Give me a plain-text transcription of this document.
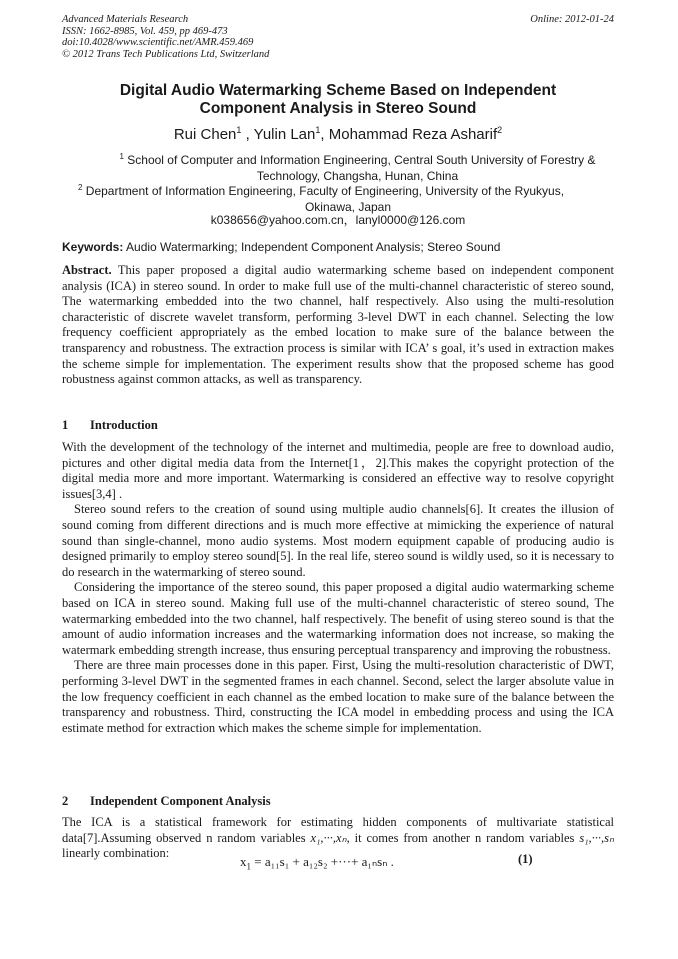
Advanced Materials Research
ISSN: 1662-8985, Vol. 459, pp 469-473
doi:10.4028/www.scientific.net/AMR.459.469
© 2012 Trans Tech Publications Ltd, Switzerland
Online: 2012-01-24
Digital Audio Watermarking Scheme Based on Independent
Component Analysis in Stereo Sound
Rui Chen$^1$ , Yulin Lan$^1$, Mohammad Reza Asharif$^2$
$^1$ School of Computer and Information Engineering, Central South University of Forestry &
Technology, Changsha, Hunan, China
$^2$ Department of Information Engineering, Faculty of Engineering, University of the Ryukyus,
Okinawa, Japan
k038656@yahoo.com.cn，lanyl0000@126.com
Keywords: Audio Watermarking; Independent Component Analysis; Stereo Sound
Abstract. This paper proposed a digital audio watermarking scheme based on independent component analysis (ICA) in stereo sound. In order to make full use of the multi-channel characteristic of stereo sound, The watermarking embedded into the two channel, half respectively. Also using the multi-resolution characteristic of discrete wavelet transform, performing 3-level DWT in each channel. Selecting the low frequency coefficient appropriately as the embed location to make sure of the balance between the transparency and robustness. The extraction process is similar with ICA’ s goal, it’s used in extraction makes the scheme simple for implementation. The experiment results show that the proposed scheme has good robustness against common attacks, as well as transparency.
1 Introduction

With the development of the technology of the internet and multimedia, people are free to download audio, pictures and other digital media data from the Internet[1，2].This makes the copyright protection of the digital media more and more important. Watermarking is considered an effective way to resolve copyright issues[3,4] .

Stereo sound refers to the creation of sound using multiple audio channels[6]. It creates the illusion of sound coming from different directions and is much more effective at mimicking the experience of natural sound than single-channel, mono audio systems. Most modern equipment capable of producing audio is designed primarily to employ stereo sound[5]. In the real life, stereo sound is wildly used, so it is necessary to do research in the watermarking of stereo sound.

Considering the importance of the stereo sound, this paper proposed a digital audio watermarking scheme based on ICA in stereo sound. Making full use of the multi-channel characteristic of stereo sound, The watermarking embedded into the two channel, half respectively. The benefit of using stereo sound is that the amount of audio information increases and the watermarking information does not increase, so making the watermark embedding strength increase, thus ensuring perceptual transparency and improving the robustness.

There are three main processes done in this paper. First, Using the multi-resolution characteristic of DWT, performing 3-level DWT in the segmented frames in each channel. Second, select the larger absolute value in the low frequency coefficient in each channel as the embed location to make sure of the balance between the transparency and robustness. Third, constructing the ICA model in embedding process and using the ICA estimate method for extraction which makes the scheme simple for implementation.

2 Independent Component Analysis
The ICA is a statistical framework for estimating hidden components of multivariate statistical data[7].Assuming observed n random variables x₁,···,xₙ, it comes from another n random variables s₁,···,sₙ linearly combination:
$x_1 = a_{11}s_1 + a_{12}s_2$ +···+ a₁ₙsₙ .	(1)
